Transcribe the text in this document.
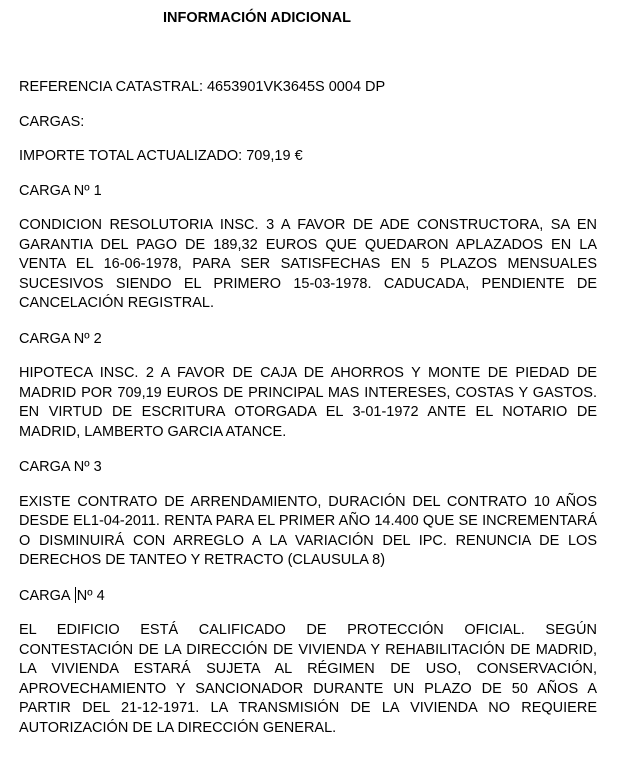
INFORMACIÓN ADICIONAL

REFERENCIA CATASTRAL: 4653901VK3645S 0004 DP

CARGAS:

IMPORTE TOTAL ACTUALIZADO: 709,19 €

CARGA Nº 1

CONDICION RESOLUTORIA INSC. 3 A FAVOR DE ADE CONSTRUCTORA, SA EN GARANTIA DEL PAGO DE 189,32 EUROS QUE QUEDARON APLAZADOS EN LA VENTA EL 16-06-1978, PARA SER SATISFECHAS EN 5 PLAZOS MENSUALES SUCESIVOS SIENDO EL PRIMERO 15-03-1978. CADUCADA, PENDIENTE DE CANCELACIÓN REGISTRAL.

CARGA Nº 2

HIPOTECA INSC. 2 A FAVOR DE CAJA DE AHORROS Y MONTE DE PIEDAD DE MADRID POR 709,19 EUROS DE PRINCIPAL MAS INTERESES, COSTAS Y GASTOS. EN VIRTUD DE ESCRITURA OTORGADA EL 3-01-1972 ANTE EL NOTARIO DE MADRID, LAMBERTO GARCIA ATANCE.

CARGA Nº 3

EXISTE CONTRATO DE ARRENDAMIENTO, DURACIÓN DEL CONTRATO 10 AÑOS DESDE EL1-04-2011. RENTA PARA EL PRIMER AÑO 14.400 QUE SE INCREMENTARÁ O DISMINUIRÁ CON ARREGLO A LA VARIACIÓN DEL IPC. RENUNCIA DE LOS DERECHOS DE TANTEO Y RETRACTO (CLAUSULA 8)

CARGA Nº 4

EL EDIFICIO ESTÁ CALIFICADO DE PROTECCIÓN OFICIAL. SEGÚN CONTESTACIÓN DE LA DIRECCIÓN DE VIVIENDA Y REHABILITACIÓN DE MADRID, LA VIVIENDA ESTARÁ SUJETA AL RÉGIMEN DE USO, CONSERVACIÓN, APROVECHAMIENTO Y SANCIONADOR DURANTE UN PLAZO DE 50 AÑOS A PARTIR DEL 21-12-1971. LA TRANSMISIÓN DE LA VIVIENDA NO REQUIERE AUTORIZACIÓN DE LA DIRECCIÓN GENERAL.
